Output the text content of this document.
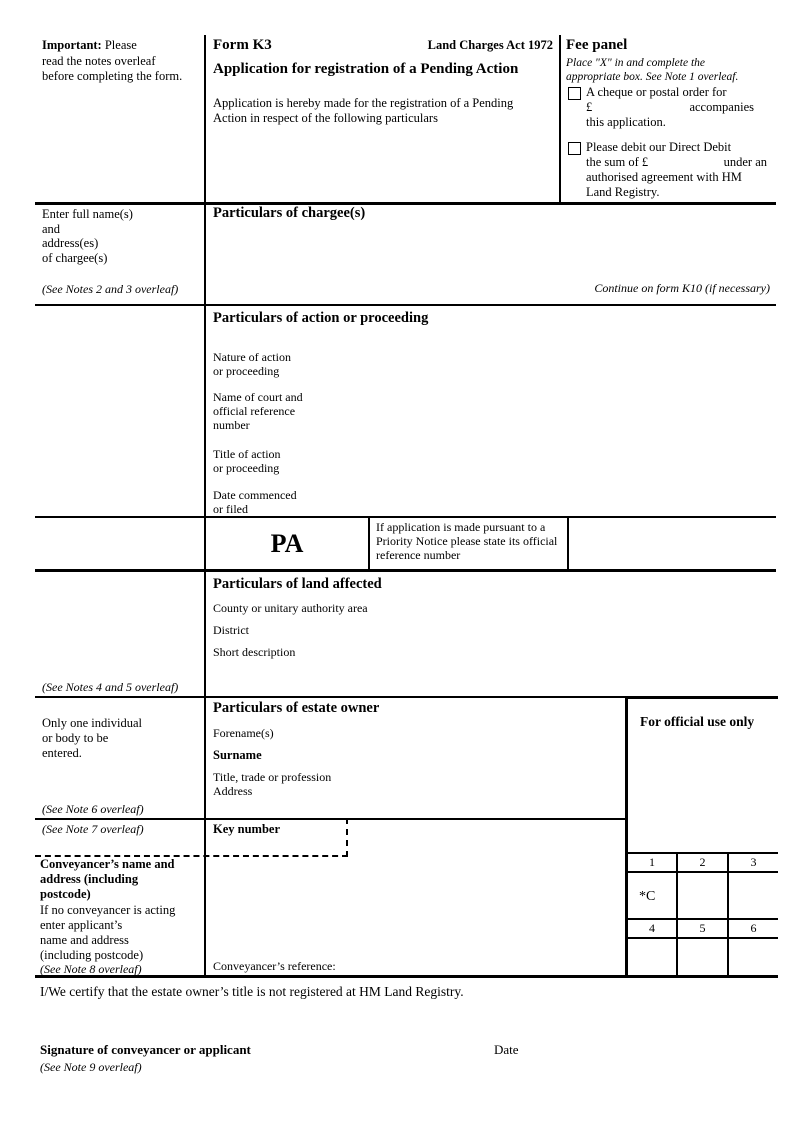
Important: Please
read the notes overleaf
before completing the form.
Form K3	Land Charges Act 1972
Application for registration of a Pending Action
Application is hereby made for the registration of a Pending
Action in respect of the following particulars
Fee panel
Place "X" in and complete the
appropriate box. See Note 1 overleaf.
A cheque or postal order for
£	accompanies
this application.
Please debit our Direct Debit
the sum of £	under an
authorised agreement with HM
Land Registry.
Enter full name(s)
and
address(es)
of chargee(s)
(See Notes 2 and 3 overleaf)
Particulars of chargee(s)
Continue on form K10 (if necessary)
Particulars of action or proceeding
Nature of action
or proceeding
Name of court and
official reference
number
Title of action
or proceeding
Date commenced
or filed
PA
If application is made pursuant to a
Priority Notice please state its official
reference number
Particulars of land affected
County or unitary authority area
District
Short description
(See Notes 4 and 5 overleaf)
Particulars of estate owner
Only one individual
or body to be
entered.
Forename(s)
Surname
Title, trade or profession
Address
(See Note 6 overleaf)
For official use only
1	2	3
*C
4	5	6
(See Note 7 overleaf)	Key number
Conveyancer’s name and
address (including
postcode)
If no conveyancer is acting
enter applicant’s
name and address
(including postcode)
(See Note 8 overleaf)	Conveyancer’s reference:
I/We certify that the estate owner’s title is not registered at HM Land Registry.
Signature of conveyancer or applicant	Date
(See Note 9 overleaf)
